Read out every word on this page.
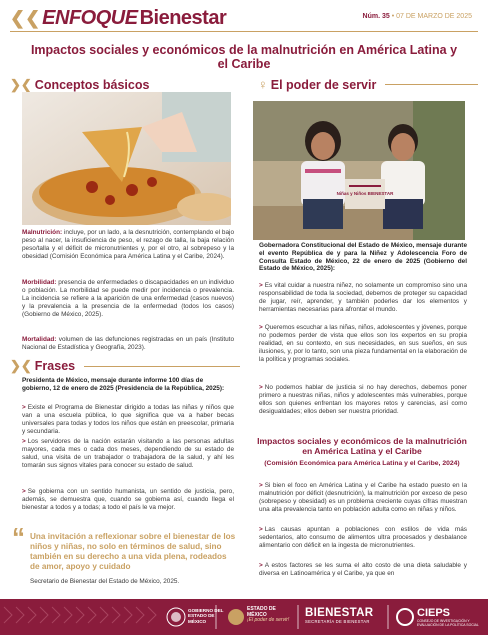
❮❮ ENFOQUE Bienestar	Núm. 35 • 07 DE MARZO DE 2025
Impactos sociales y económicos de la malnutrición en América Latina y el Caribe
❯❮ Conceptos básicos
Malnutrición: incluye, por un lado, a la desnutrición, contemplando el bajo peso al nacer, la insuficiencia de peso, el rezago de talla, la baja relación peso/talla y el déficit de micronutrientes y, por el otro, al sobrepeso y la obesidad (Comisión Económica para América Latina y el Caribe, 2024).
Morbilidad: presencia de enfermedades o discapacidades en un individuo o población. La morbilidad se puede medir por incidencia o prevalencia. La incidencia se refiere a la aparición de una enfermedad (casos nuevos) y la prevalencia a la presencia de la enfermedad (todos los casos) (Gobierno de México, 2025).
Mortalidad: volumen de las defunciones registradas en un país (Instituto Nacional de Estadística y Geografía, 2023).
❯❮ Frases
Presidenta de México, mensaje durante informe 100 días de gobierno, 12 de enero de 2025 (Presidencia de la República, 2025):
> Existe el Programa de Bienestar dirigido a todas las niñas y niños que van a una escuela pública, lo que significa que va a haber becas universales para todas y todos los niños que están en preescolar, primaria y secundaria.
> Los servidores de la nación estarán visitando a las personas adultas mayores, cada mes o cada dos meses, dependiendo de su estado de salud, una visita de un trabajador o trabajadora de la salud, y ahí les tomarán sus signos vitales para conocer su estado de salud.
> Se gobierna con un sentido humanista, un sentido de justicia, pero, además, se demuestra que, cuando se gobierna así, cuando llega el bienestar a todos y a todas; a todo el país le va mejor.
“ Una invitación a reflexionar sobre el bienestar de los niños y niñas, no solo en términos de salud, sino también en su derecho a una vida plena, rodeados de amor, apoyo y cuidado
Secretario de Bienestar del Estado de México, 2025.
♀ El poder de servir
Niñas y Niños BIENESTAR
Gobernadora Constitucional del Estado de México, mensaje durante el evento República de y para la Niñez y Adolescencia Foro de Consulta Estado de México, 22 de enero de 2025 (Gobierno del Estado de México, 2025):
> Es vital cuidar a nuestra niñez, no solamente un compromiso sino una responsabilidad de toda la sociedad, debemos de proteger su capacidad de jugar, reír, aprender, y también poderles dar los elementos y herramientas necesarias para afrontar el mundo.
> Queremos escuchar a las niñas, niños, adolescentes y jóvenes, porque no podemos perder de vista que ellos son los expertos en su propia realidad, en su contexto, en sus necesidades, en sus sueños, en sus ilusiones, y, por lo tanto, son una pieza fundamental en la elaboración de la política y programas sociales.
> No podemos hablar de justicia si no hay derechos, debemos poner primero a nuestras niñas, niños y adolescentes más vulnerables, porque ellos son quienes enfrentan los mayores retos y carencias, así como desigualdades; ellos deben ser nuestra prioridad.
Impactos sociales y económicos de la malnutrición en América Latina y el Caribe
(Comisión Económica para América Latina y el Caribe, 2024)
> Si bien el foco en América Latina y el Caribe ha estado puesto en la malnutrición por déficit (desnutrición), la malnutrición por exceso de peso (sobrepeso y obesidad) es un problema creciente cuyas cifras muestran una alta prevalencia tanto en población adulta como en niñas y niños.
> Las causas apuntan a poblaciones con estilos de vida más sedentarios, alto consumo de alimentos ultra procesados y desbalance alimentario con déficit en la ingesta de micronutrientes.
> A estos factores se les suma el alto costo de una dieta saludable y diversa en Latinoamérica y el Caribe, ya que en
GOBIERNO DEL
ESTADO DE
MÉXICO
ESTADO DE
MÉXICO
¡El poder de servir!
BIENESTAR
SECRETARÍA DE BIENESTAR
CIEPS
CONSEJO DE INVESTIGACIÓN Y
EVALUACIÓN DE LA POLÍTICA SOCIAL
